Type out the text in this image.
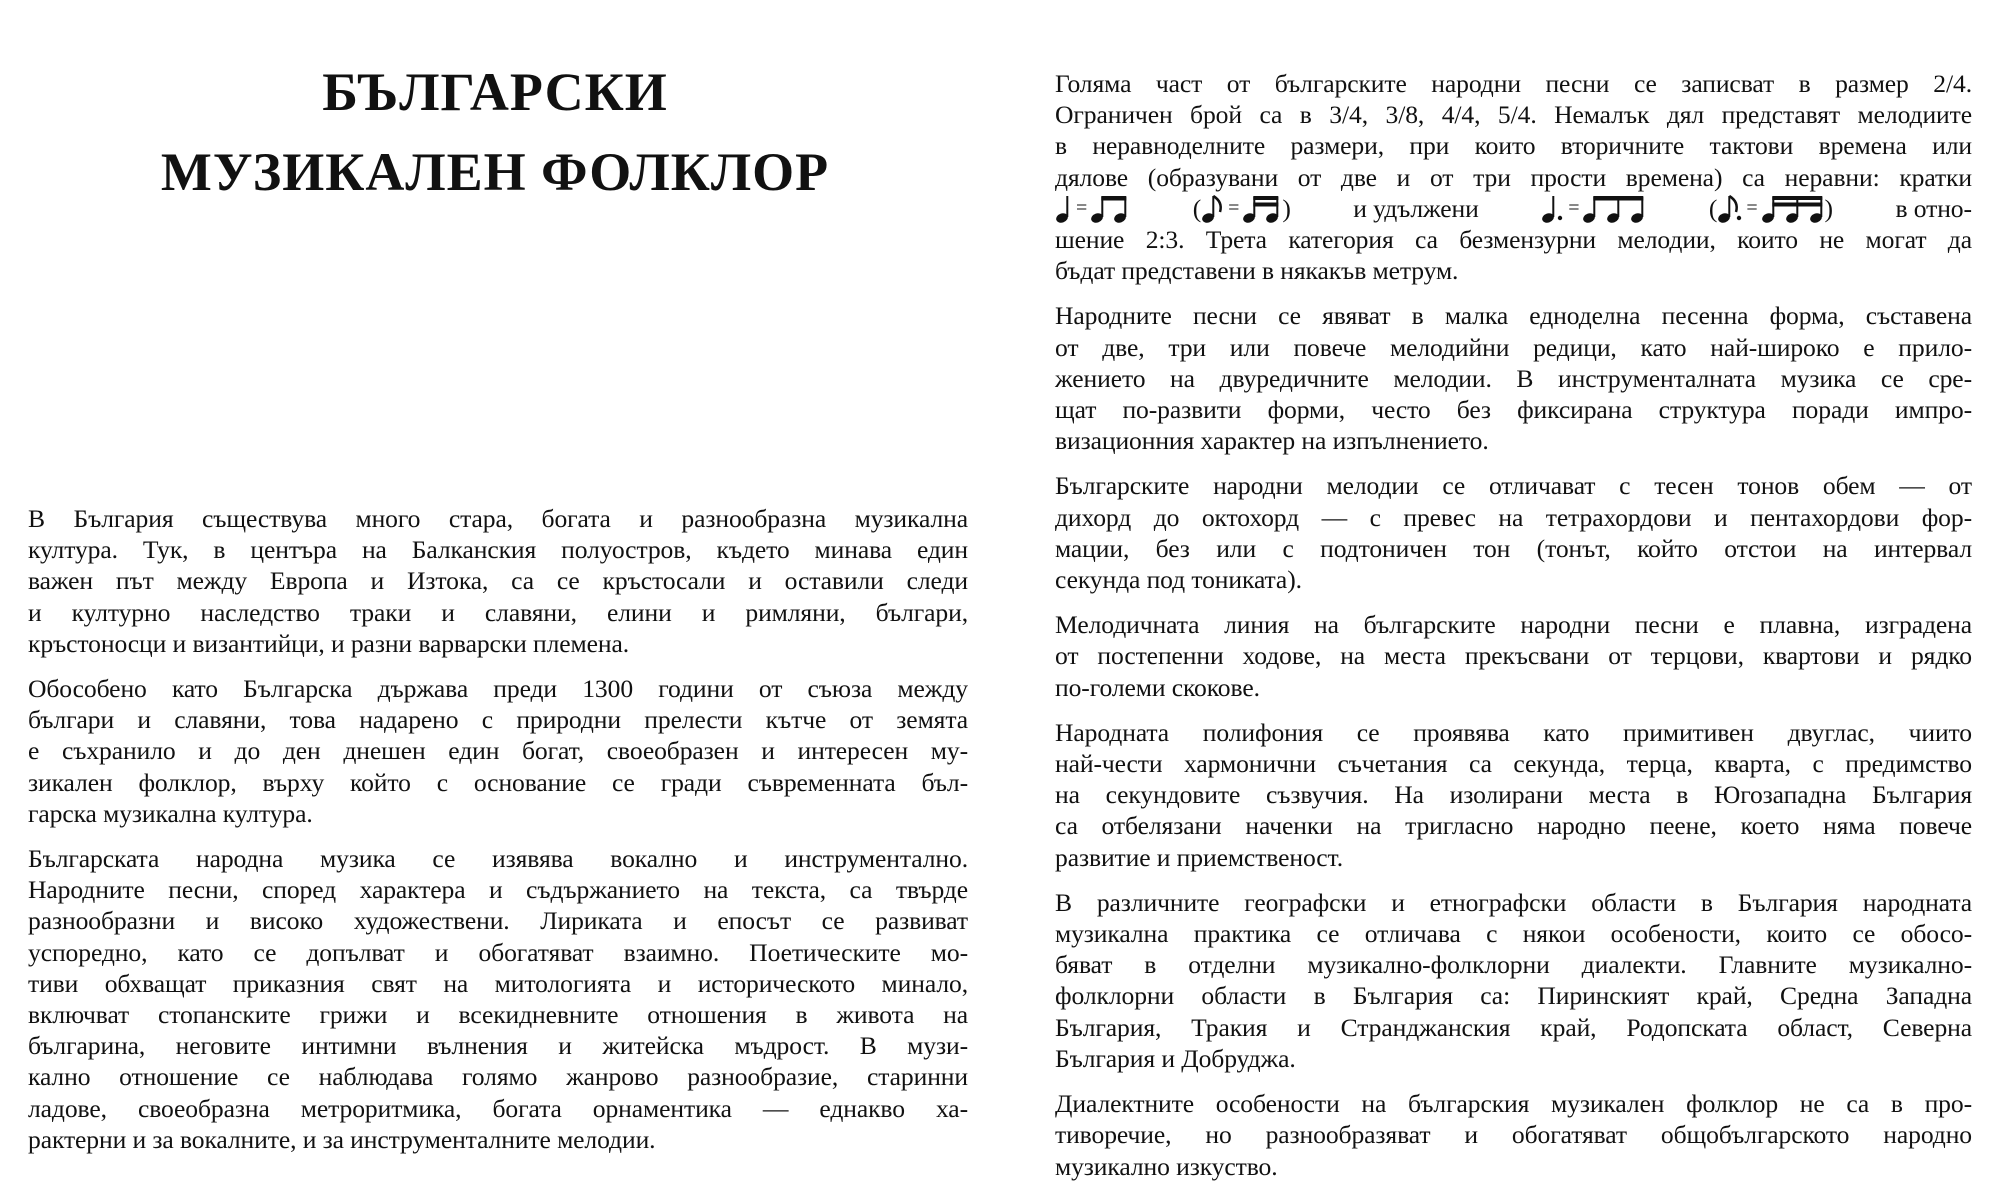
БЪЛГАРСКИ
МУЗИКАЛЕН ФОЛКЛОР

В България съществува много стара, богата и разнообразна музикална
култура. Тук, в центъра на Балканския полуостров, където минава един
важен път между Европа и Изтока, са се кръстосали и оставили следи
и културно наследство траки и славяни, елини и римляни, българи,
кръстоносци и византийци, и разни варварски племена.

Обособено като Българска държава преди 1300 години от съюза между
българи и славяни, това надарено с природни прелести кътче от земята
е съхранило и до ден днешен един богат, своеобразен и интересен му-
зикален фолклор, върху който с основание се гради съвременната бъл-
гарска музикална култура.

Българската народна музика се изявява вокално и инструментално.
Народните песни, според характера и съдържанието на текста, са твърде
разнообразни и високо художествени. Лириката и епосът се развиват
успоредно, като се допълват и обогатяват взаимно. Поетическите мо-
тиви обхващат приказния свят на митологията и историческото минало,
включват стопанските грижи и всекидневните отношения в живота на
българина, неговите интимни вълнения и житейска мъдрост. В музи-
кално отношение се наблюдава голямо жанрово разнообразие, старинни
ладове, своеобразна метроритмика, богата орнаментика — еднакво ха-
рактерни и за вокалните, и за инструменталните мелодии.

Голяма част от българските народни песни се записват в размер 2/4.
Ограничен брой са в 3/4, 3/8, 4/4, 5/4. Немалък дял представят мелодиите
в неравноделните размери, при които вторичните тактови времена или
дялове (образувани от две и от три прости времена) са неравни: кратки
=	( = ) и удължени	=	( =	) в отно-
шение 2:3. Трета категория са безмензурни мелодии, които не могат да
бъдат представени в някакъв метрум.

Народните песни се явяват в малка едноделна песенна форма, съставена
от две, три или повече мелодийни редици, като най-широко е прило-
жението на двуредичните мелодии. В инструменталната музика се сре-
щат по-развити форми, често без фиксирана структура поради импро-
визационния характер на изпълнението.

Българските народни мелодии се отличават с тесен тонов обем — от
дихорд до октохорд — с превес на тетрахордови и пентахордови фор-
мации, без или с подтоничен тон (тонът, който отстои на интервал
секунда под тониката).

Мелодичната линия на българските народни песни е плавна, изградена
от постепенни ходове, на места прекъсвани от терцови, квартови и рядко
по-големи скокове.

Народната полифония се проявява като примитивен двуглас, чиито
най-чести хармонични съчетания са секунда, терца, кварта, с предимство
на секундовите съзвучия. На изолирани места в Югозападна България
са отбелязани наченки на тригласно народно пеене, което няма повече
развитие и приемственост.

В различните географски и етнографски области в България народната
музикална практика се отличава с някои особености, които се обосо-
бяват в отделни музикално-фолклорни диалекти. Главните музикално-
фолклорни области в България са: Пиринският край, Средна Западна
България, Тракия и Странджанския край, Родопската област, Северна
България и Добруджа.

Диалектните особености на българския музикален фолклор не са в про-
тиворечие, но разнообразяват и обогатяват общобългарското народно
музикално изкуство.
